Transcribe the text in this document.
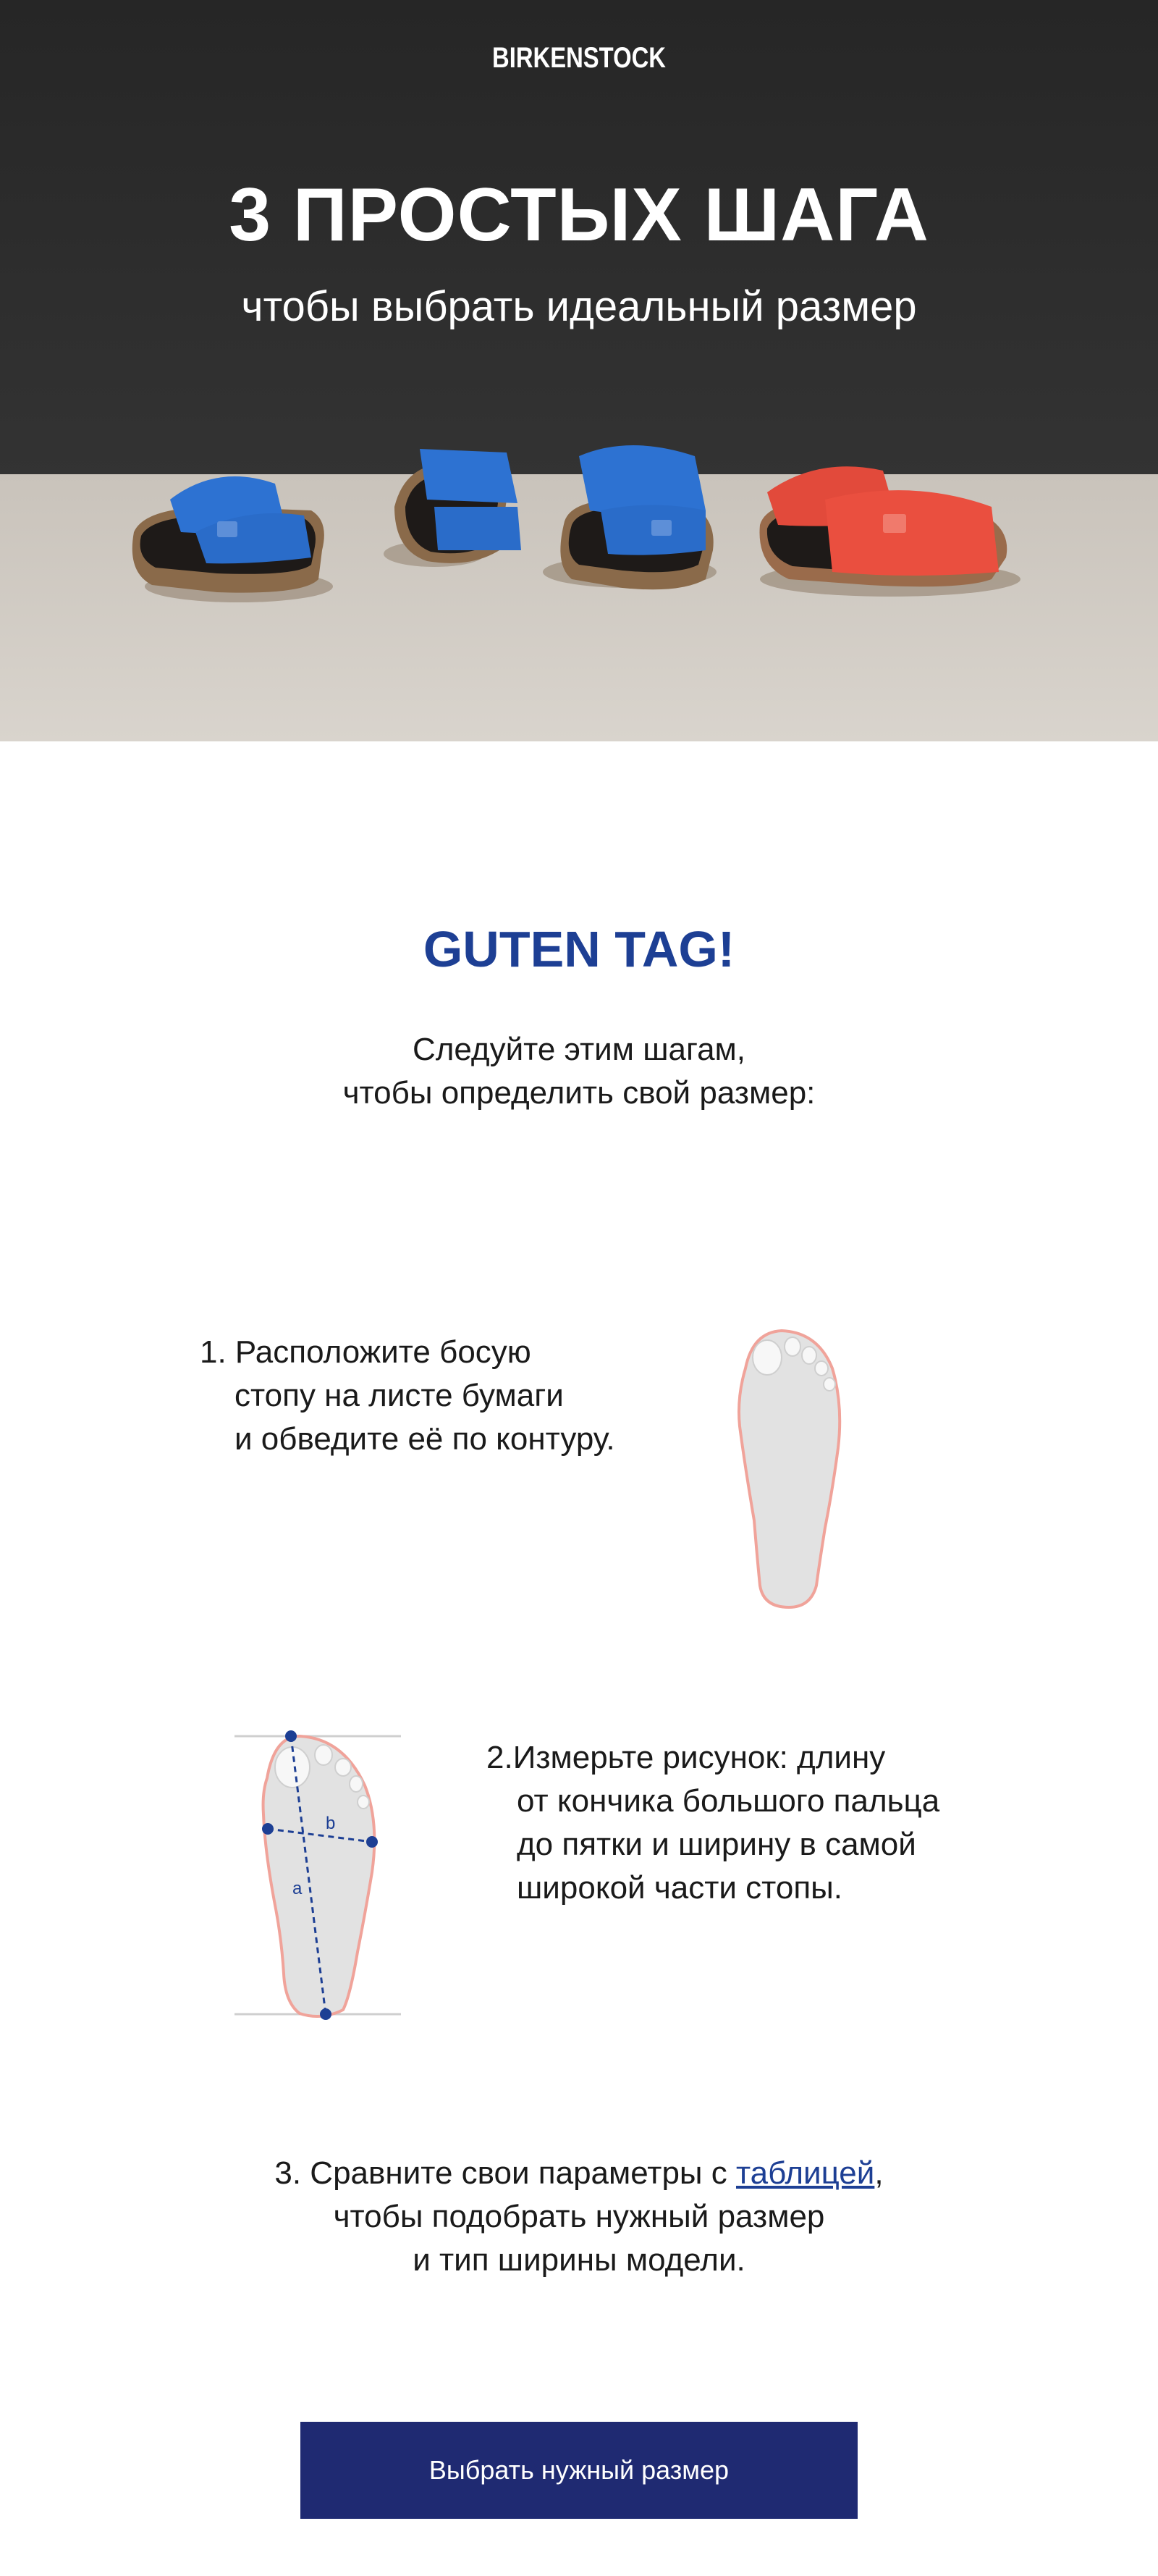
BIRKENSTOCK
3 ПРОСТЫХ ШАГА
чтобы выбрать идеальный размер
GUTEN TAG!
Следуйте этим шагам,
чтобы определить свой размер:
1. Расположите босую
стопу на листе бумаги
и обведите её по контуру.
b
a
2.Измерьте рисунок: длину
от кончика большого пальца
до пятки и ширину в самой
широкой части стопы.
3. Сравните свои параметры с таблицей,
чтобы подобрать нужный размер
и тип ширины модели.
Выбрать нужный размер
